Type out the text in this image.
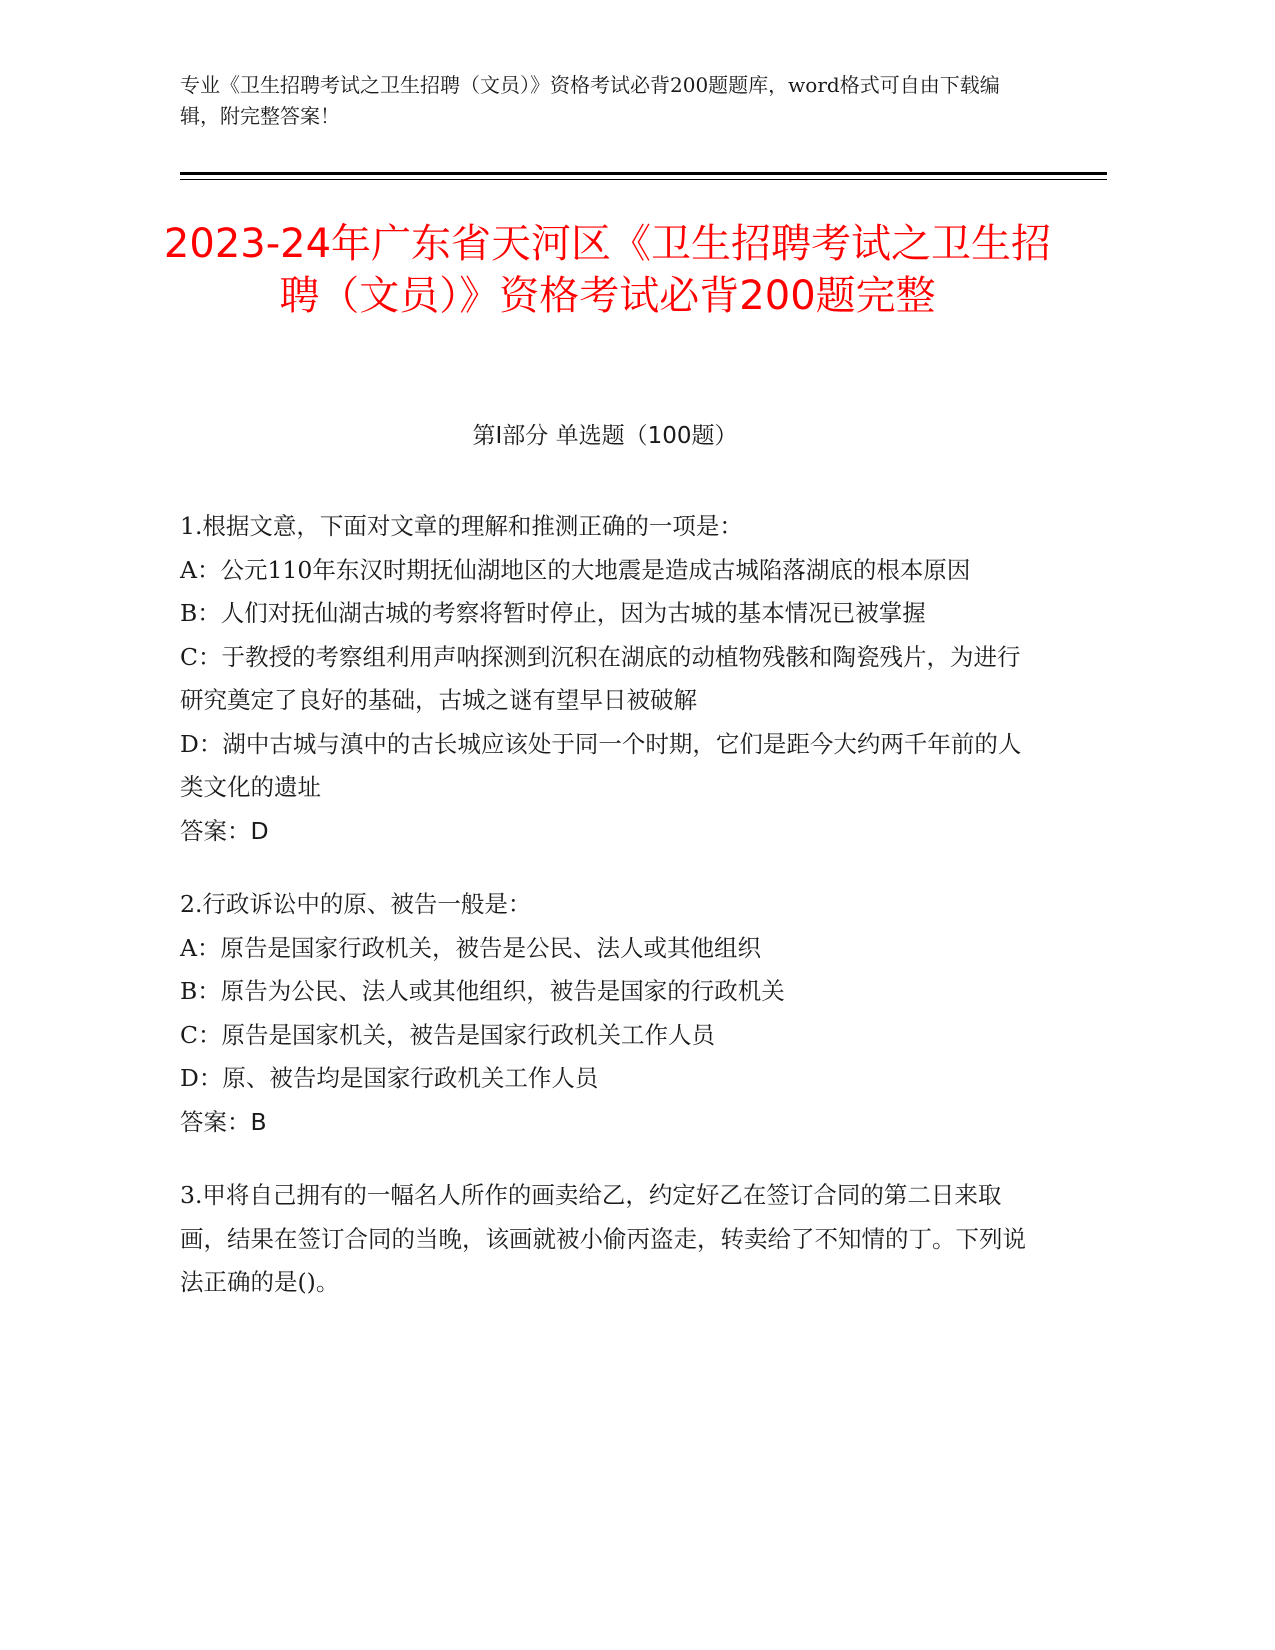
专业《卫生招聘考试之卫生招聘（文员）》资格考试必背200题题库，word格式可自由下载编辑，附完整答案！

2023-24年广东省天河区《卫生招聘考试之卫生招聘（文员）》资格考试必背200题完整
第Ⅰ部分 单选题（100题）

1.根据文意，下面对文章的理解和推测正确的一项是：

A：公元110年东汉时期抚仙湖地区的大地震是造成古城陷落湖底的根本原因

B：人们对抚仙湖古城的考察将暂时停止，因为古城的基本情况已被掌握

C：于教授的考察组利用声呐探测到沉积在湖底的动植物残骸和陶瓷残片，为进行研究奠定了良好的基础，古城之谜有望早日被破解

D：湖中古城与滇中的古长城应该处于同一个时期，它们是距今大约两千年前的人类文化的遗址

答案：D

2.行政诉讼中的原、被告一般是：

A：原告是国家行政机关，被告是公民、法人或其他组织

B：原告为公民、法人或其他组织，被告是国家的行政机关

C：原告是国家机关，被告是国家行政机关工作人员

D：原、被告均是国家行政机关工作人员

答案：B

3.甲将自己拥有的一幅名人所作的画卖给乙，约定好乙在签订合同的第二日来取画，结果在签订合同的当晚，该画就被小偷丙盗走，转卖给了不知情的丁。下列说法正确的是()。
